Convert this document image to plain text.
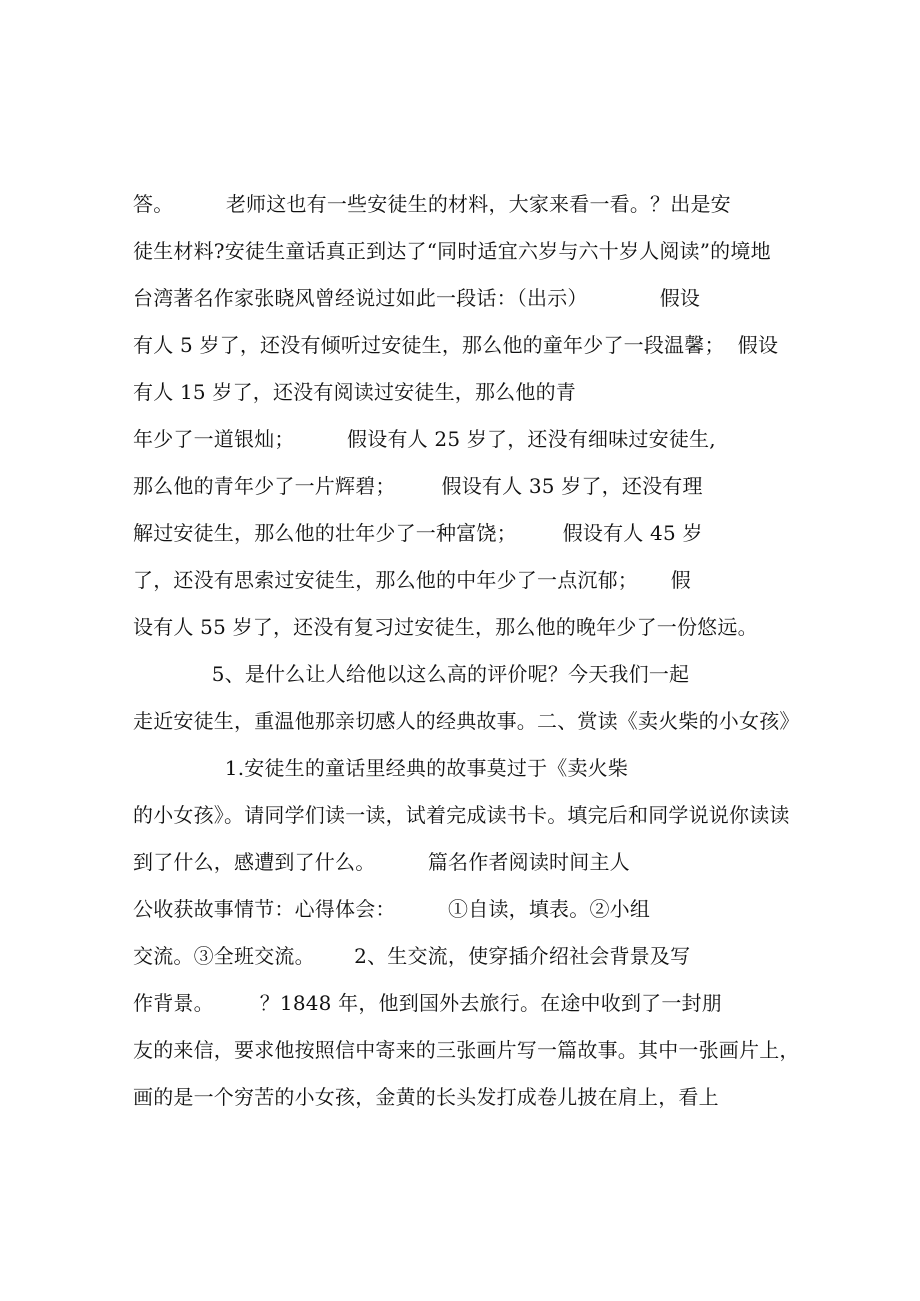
答。        老师这也有一些安徒生的材料，大家来看一看。？出是安
徒生材料?安徒生童话真正到达了“同时适宜六岁与六十岁人阅读”的境地
台湾著名作家张晓风曾经说过如此一段话：（出示）           假设
有人 5 岁了，还没有倾听过安徒生，那么他的童年少了一段温馨；  假设
有人 15 岁了，还没有阅读过安徒生，那么他的青
年少了一道银灿；        假设有人 25 岁了，还没有细味过安徒生,
那么他的青年少了一片辉碧；       假设有人 35 岁了，还没有理
解过安徒生，那么他的壮年少了一种富饶；       假设有人 45 岁
了，还没有思索过安徒生，那么他的中年少了一点沉郁；     假
设有人 55 岁了，还没有复习过安徒生，那么他的晚年少了一份悠远。
5、是什么让人给他以这么高的评价呢？今天我们一起
走近安徒生，重温他那亲切感人的经典故事。二、赏读《卖火柴的小女孩》
1.安徒生的童话里经典的故事莫过于《卖火柴
的小女孩》。请同学们读一读，试着完成读书卡。填完后和同学说说你读读
到了什么，感遭到了什么。        篇名作者阅读时间主人
公收获故事情节：心得体会：        ①自读，填表。②小组
交流。③全班交流。      2、生交流，使穿插介绍社会背景及写
作背景。       ？1848 年，他到国外去旅行。在途中收到了一封朋
友的来信，要求他按照信中寄来的三张画片写一篇故事。其中一张画片上，
画的是一个穷苦的小女孩，金黄的长头发打成卷儿披在肩上，看上
